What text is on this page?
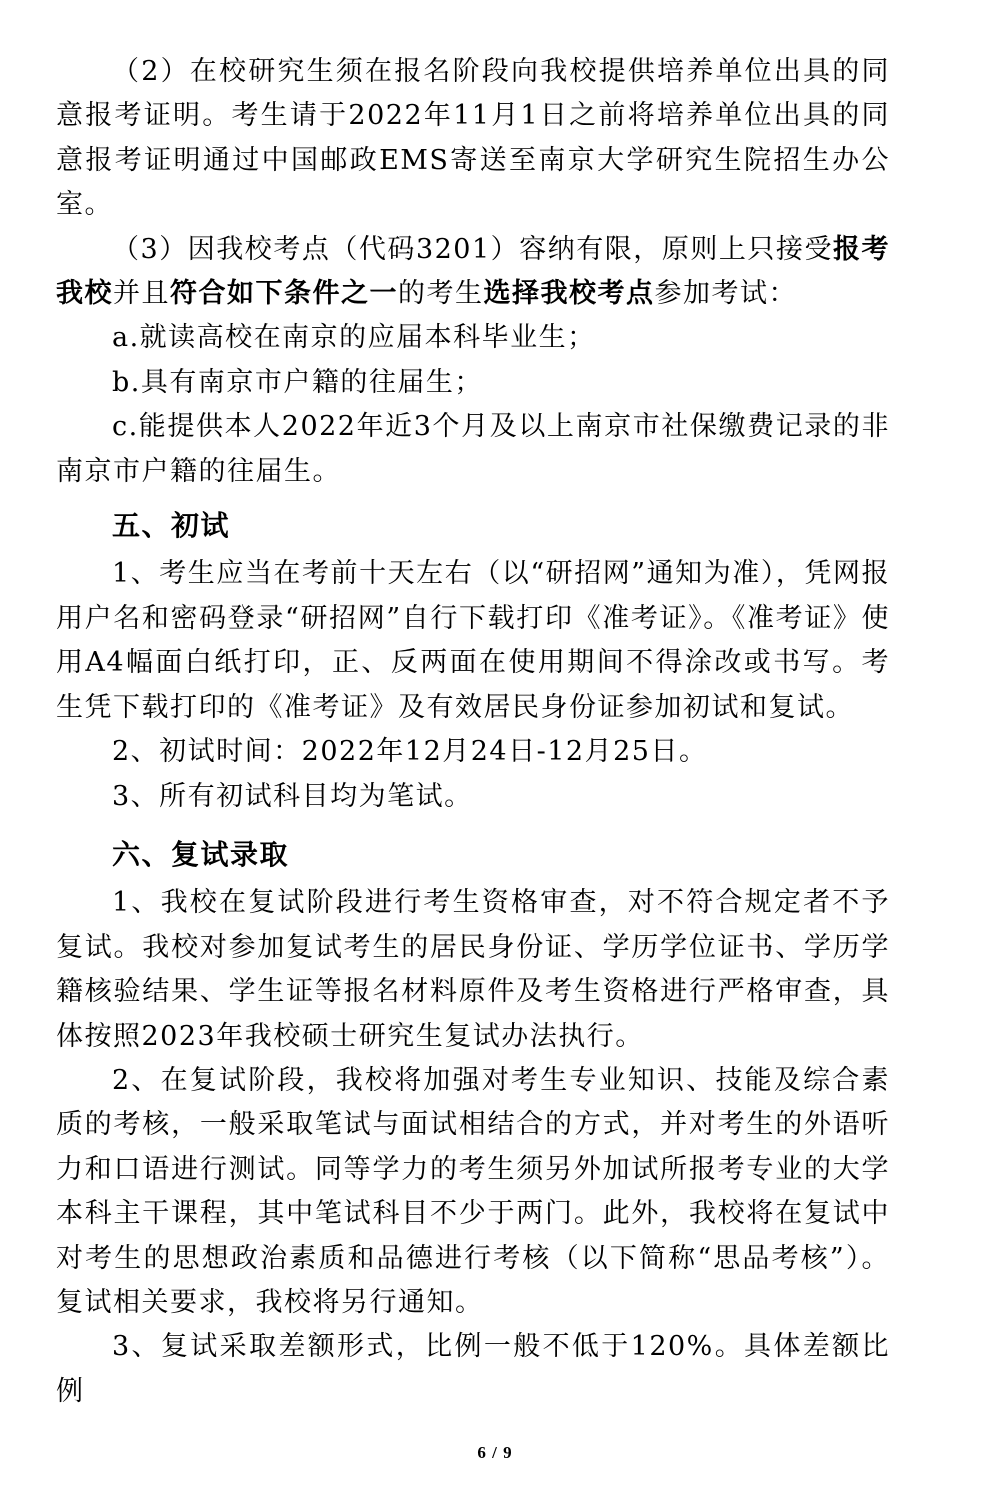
（2）在校研究生须在报名阶段向我校提供培养单位出具的同意报考证明。考生请于2022年11月1日之前将培养单位出具的同意报考证明通过中国邮政EMS寄送至南京大学研究生院招生办公室。

（3）因我校考点（代码3201）容纳有限，原则上只接受报考我校并且符合如下条件之一的考生选择我校考点参加考试：

a.就读高校在南京的应届本科毕业生；

b.具有南京市户籍的往届生；

c.能提供本人2022年近3个月及以上南京市社保缴费记录的非南京市户籍的往届生。

五、初试

1、考生应当在考前十天左右（以“研招网”通知为准），凭网报用户名和密码登录“研招网”自行下载打印《准考证》。《准考证》使用A4幅面白纸打印，正、反两面在使用期间不得涂改或书写。考生凭下载打印的《准考证》及有效居民身份证参加初试和复试。

2、初试时间：2022年12月24日-12月25日。

3、所有初试科目均为笔试。

六、复试录取

1、我校在复试阶段进行考生资格审查，对不符合规定者不予复试。我校对参加复试考生的居民身份证、学历学位证书、学历学籍核验结果、学生证等报名材料原件及考生资格进行严格审查，具体按照2023年我校硕士研究生复试办法执行。

2、在复试阶段，我校将加强对考生专业知识、技能及综合素质的考核，一般采取笔试与面试相结合的方式，并对考生的外语听力和口语进行测试。同等学力的考生须另外加试所报考专业的大学本科主干课程，其中笔试科目不少于两门。此外，我校将在复试中对考生的思想政治素质和品德进行考核（以下简称“思品考核”）。复试相关要求，我校将另行通知。

3、复试采取差额形式，比例一般不低于120%。具体差额比例

6 / 9
